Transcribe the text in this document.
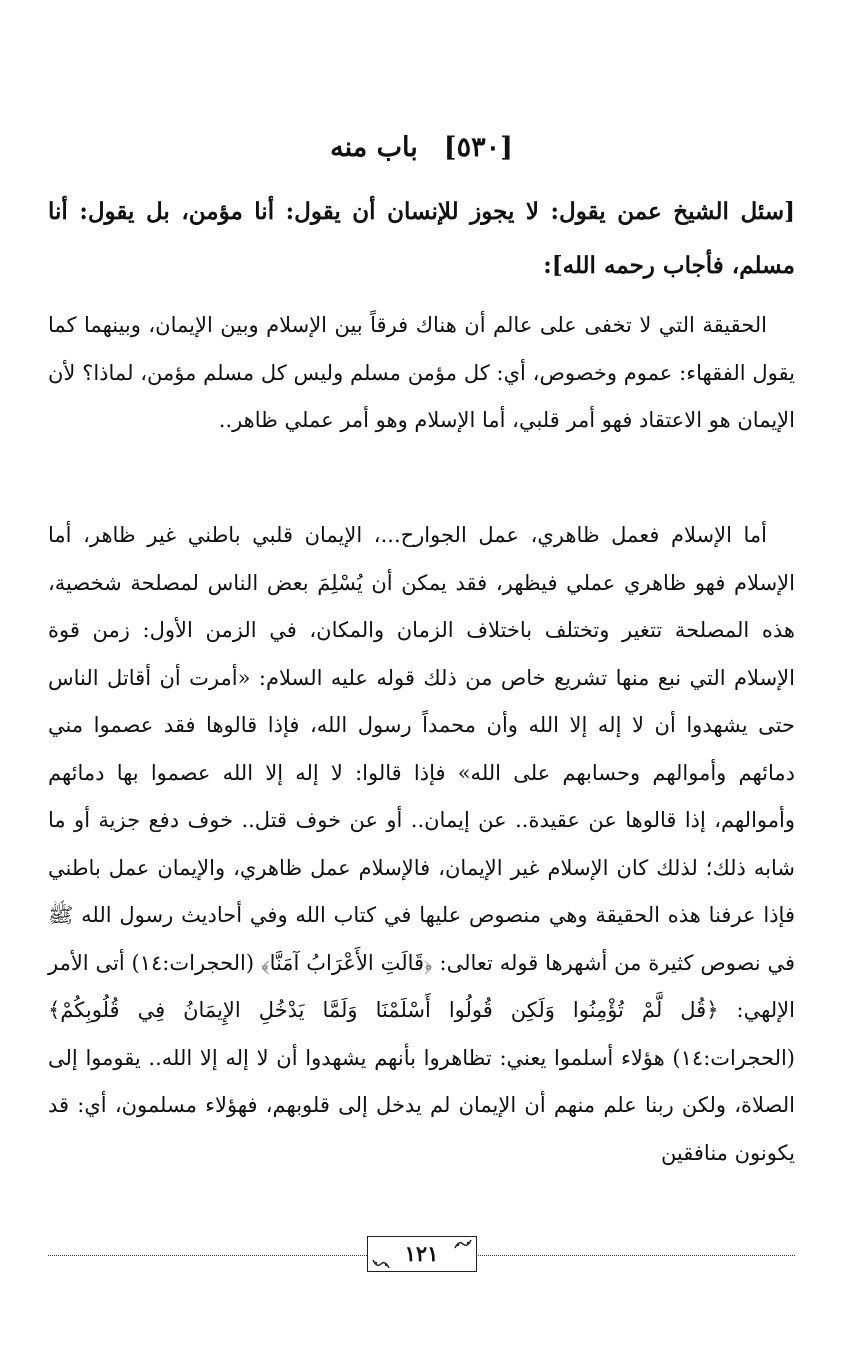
[٥٣٠]باب منه
[سئل الشيخ عمن يقول: لا يجوز للإنسان أن يقول: أنا مؤمن، بل يقول: أنا مسلم، فأجاب رحمه الله]:

الحقيقة التي لا تخفى على عالم أن هناك فرقاً بين الإسلام وبين الإيمان، وبينهما كما يقول الفقهاء: عموم وخصوص، أي: كل مؤمن مسلم وليس كل مسلم مؤمن، لماذا؟ لأن الإيمان هو الاعتقاد فهو أمر قلبي، أما الإسلام وهو أمر عملي ظاهر..

أما الإسلام فعمل ظاهري، عمل الجوارح...، الإيمان قلبي باطني غير ظاهر، أما الإسلام فهو ظاهري عملي فيظهر، فقد يمكن أن يُسْلِمَ بعض الناس لمصلحة شخصية، هذه المصلحة تتغير وتختلف باختلاف الزمان والمكان، في الزمن الأول: زمن قوة الإسلام التي نبع منها تشريع خاص من ذلك قوله عليه السلام: «أمرت أن أقاتل الناس حتى يشهدوا أن لا إله إلا الله وأن محمداً رسول الله، فإذا قالوها فقد عصموا مني دمائهم وأموالهم وحسابهم على الله» فإذا قالوا: لا إله إلا الله عصموا بها دمائهم وأموالهم، إذا قالوها عن عقيدة.. عن إيمان.. أو عن خوف قتل.. خوف دفع جزية أو ما شابه ذلك؛ لذلك كان الإسلام غير الإيمان، فالإسلام عمل ظاهري، والإيمان عمل باطني فإذا عرفنا هذه الحقيقة وهي منصوص عليها في كتاب الله وفي أحاديث رسول الله ﷺ في نصوص كثيرة من أشهرها قوله تعالى: ﴿قَالَتِ الأَعْرَابُ آمَنَّا﴾ (الحجرات:١٤) أتى الأمر الإلهي: ﴿قُل لَّمْ تُؤْمِنُوا وَلَكِن قُولُوا أَسْلَمْنَا وَلَمَّا يَدْخُلِ الإِيمَانُ فِي قُلُوبِكُمْ﴾ (الحجرات:١٤) هؤلاء أسلموا يعني: تظاهروا بأنهم يشهدوا أن لا إله إلا الله.. يقوموا إلى الصلاة، ولكن ربنا علم منهم أن الإيمان لم يدخل إلى قلوبهم، فهؤلاء مسلمون، أي: قد يكونون منافقين

١٢١
